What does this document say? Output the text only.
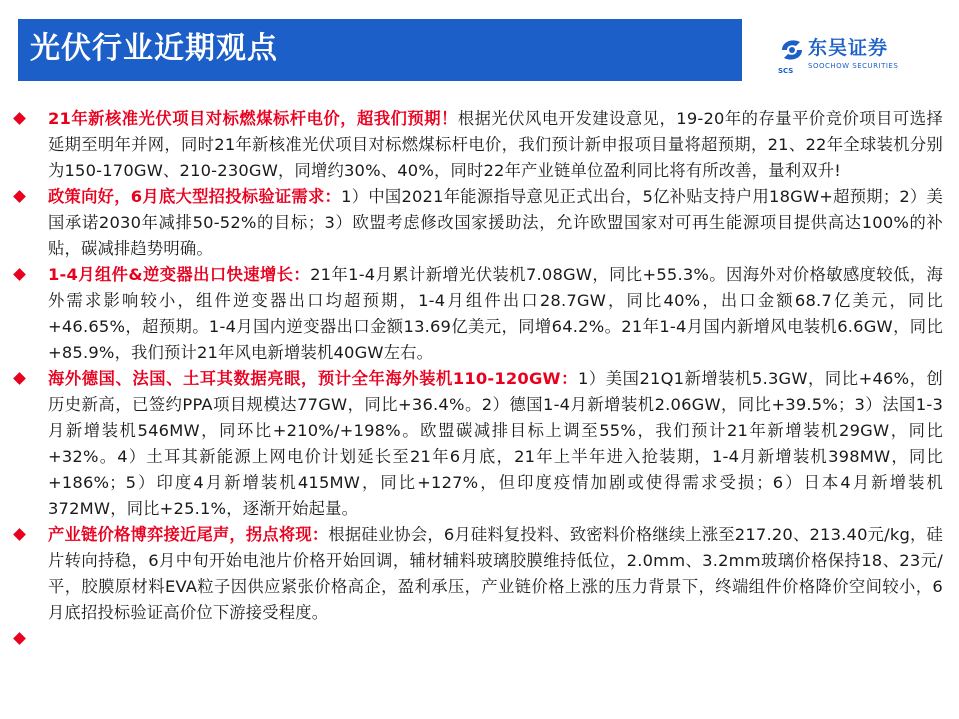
光伏行业近期观点	东吴证券
SOOCHOW SECURITIES
SCS
21年新核准光伏项目对标燃煤标杆电价，超我们预期！根据光伏风电开发建设意见，19-20年的存量平价竞价项目可选择延期至明年并网，同时21年新核准光伏项目对标燃煤标杆电价，我们预计新申报项目量将超预期，21、22年全球装机分别为150-170GW、210-230GW，同增约30%、40%，同时22年产业链单位盈利同比将有所改善，量利双升!
政策向好，6月底大型招投标验证需求：1）中国2021年能源指导意见正式出台，5亿补贴支持户用18GW+超预期；2）美国承诺2030年减排50-52%的目标；3）欧盟考虑修改国家援助法，允许欧盟国家对可再生能源项目提供高达100%的补贴，碳减排趋势明确。
1-4月组件&逆变器出口快速增长：21年1-4月累计新增光伏装机7.08GW，同比+55.3%。因海外对价格敏感度较低，海外需求影响较小，组件逆变器出口均超预期，1-4月组件出口28.7GW，同比40%，出口金额68.7亿美元，同比+46.65%，超预期。1-4月国内逆变器出口金额13.69亿美元，同增64.2%。21年1-4月国内新增风电装机6.6GW，同比+85.9%，我们预计21年风电新增装机40GW左右。
海外德国、法国、土耳其数据亮眼，预计全年海外装机110-120GW：1）美国21Q1新增装机5.3GW，同比+46%，创历史新高，已签约PPA项目规模达77GW，同比+36.4%。2）德国1-4月新增装机2.06GW，同比+39.5%；3）法国1-3月新增装机546MW，同环比+210%/+198%。欧盟碳减排目标上调至55%，我们预计21年新增装机29GW，同比+32%。4）土耳其新能源上网电价计划延长至21年6月底，21年上半年进入抢装期，1-4月新增装机398MW，同比+186%；5）印度4月新增装机415MW，同比+127%，但印度疫情加剧或使得需求受损；6）日本4月新增装机372MW，同比+25.1%，逐渐开始起量。
产业链价格博弈接近尾声，拐点将现：根据硅业协会，6月硅料复投料、致密料价格继续上涨至217.20、213.40元/kg，硅片转向持稳，6月中旬开始电池片价格开始回调，辅材辅料玻璃胶膜维持低位，2.0mm、3.2mm玻璃价格保持18、23元/平，胶膜原材料EVA粒子因供应紧张价格高企，盈利承压，产业链价格上涨的压力背景下，终端组件价格降价空间较小，6月底招投标验证高价位下游接受程度。
